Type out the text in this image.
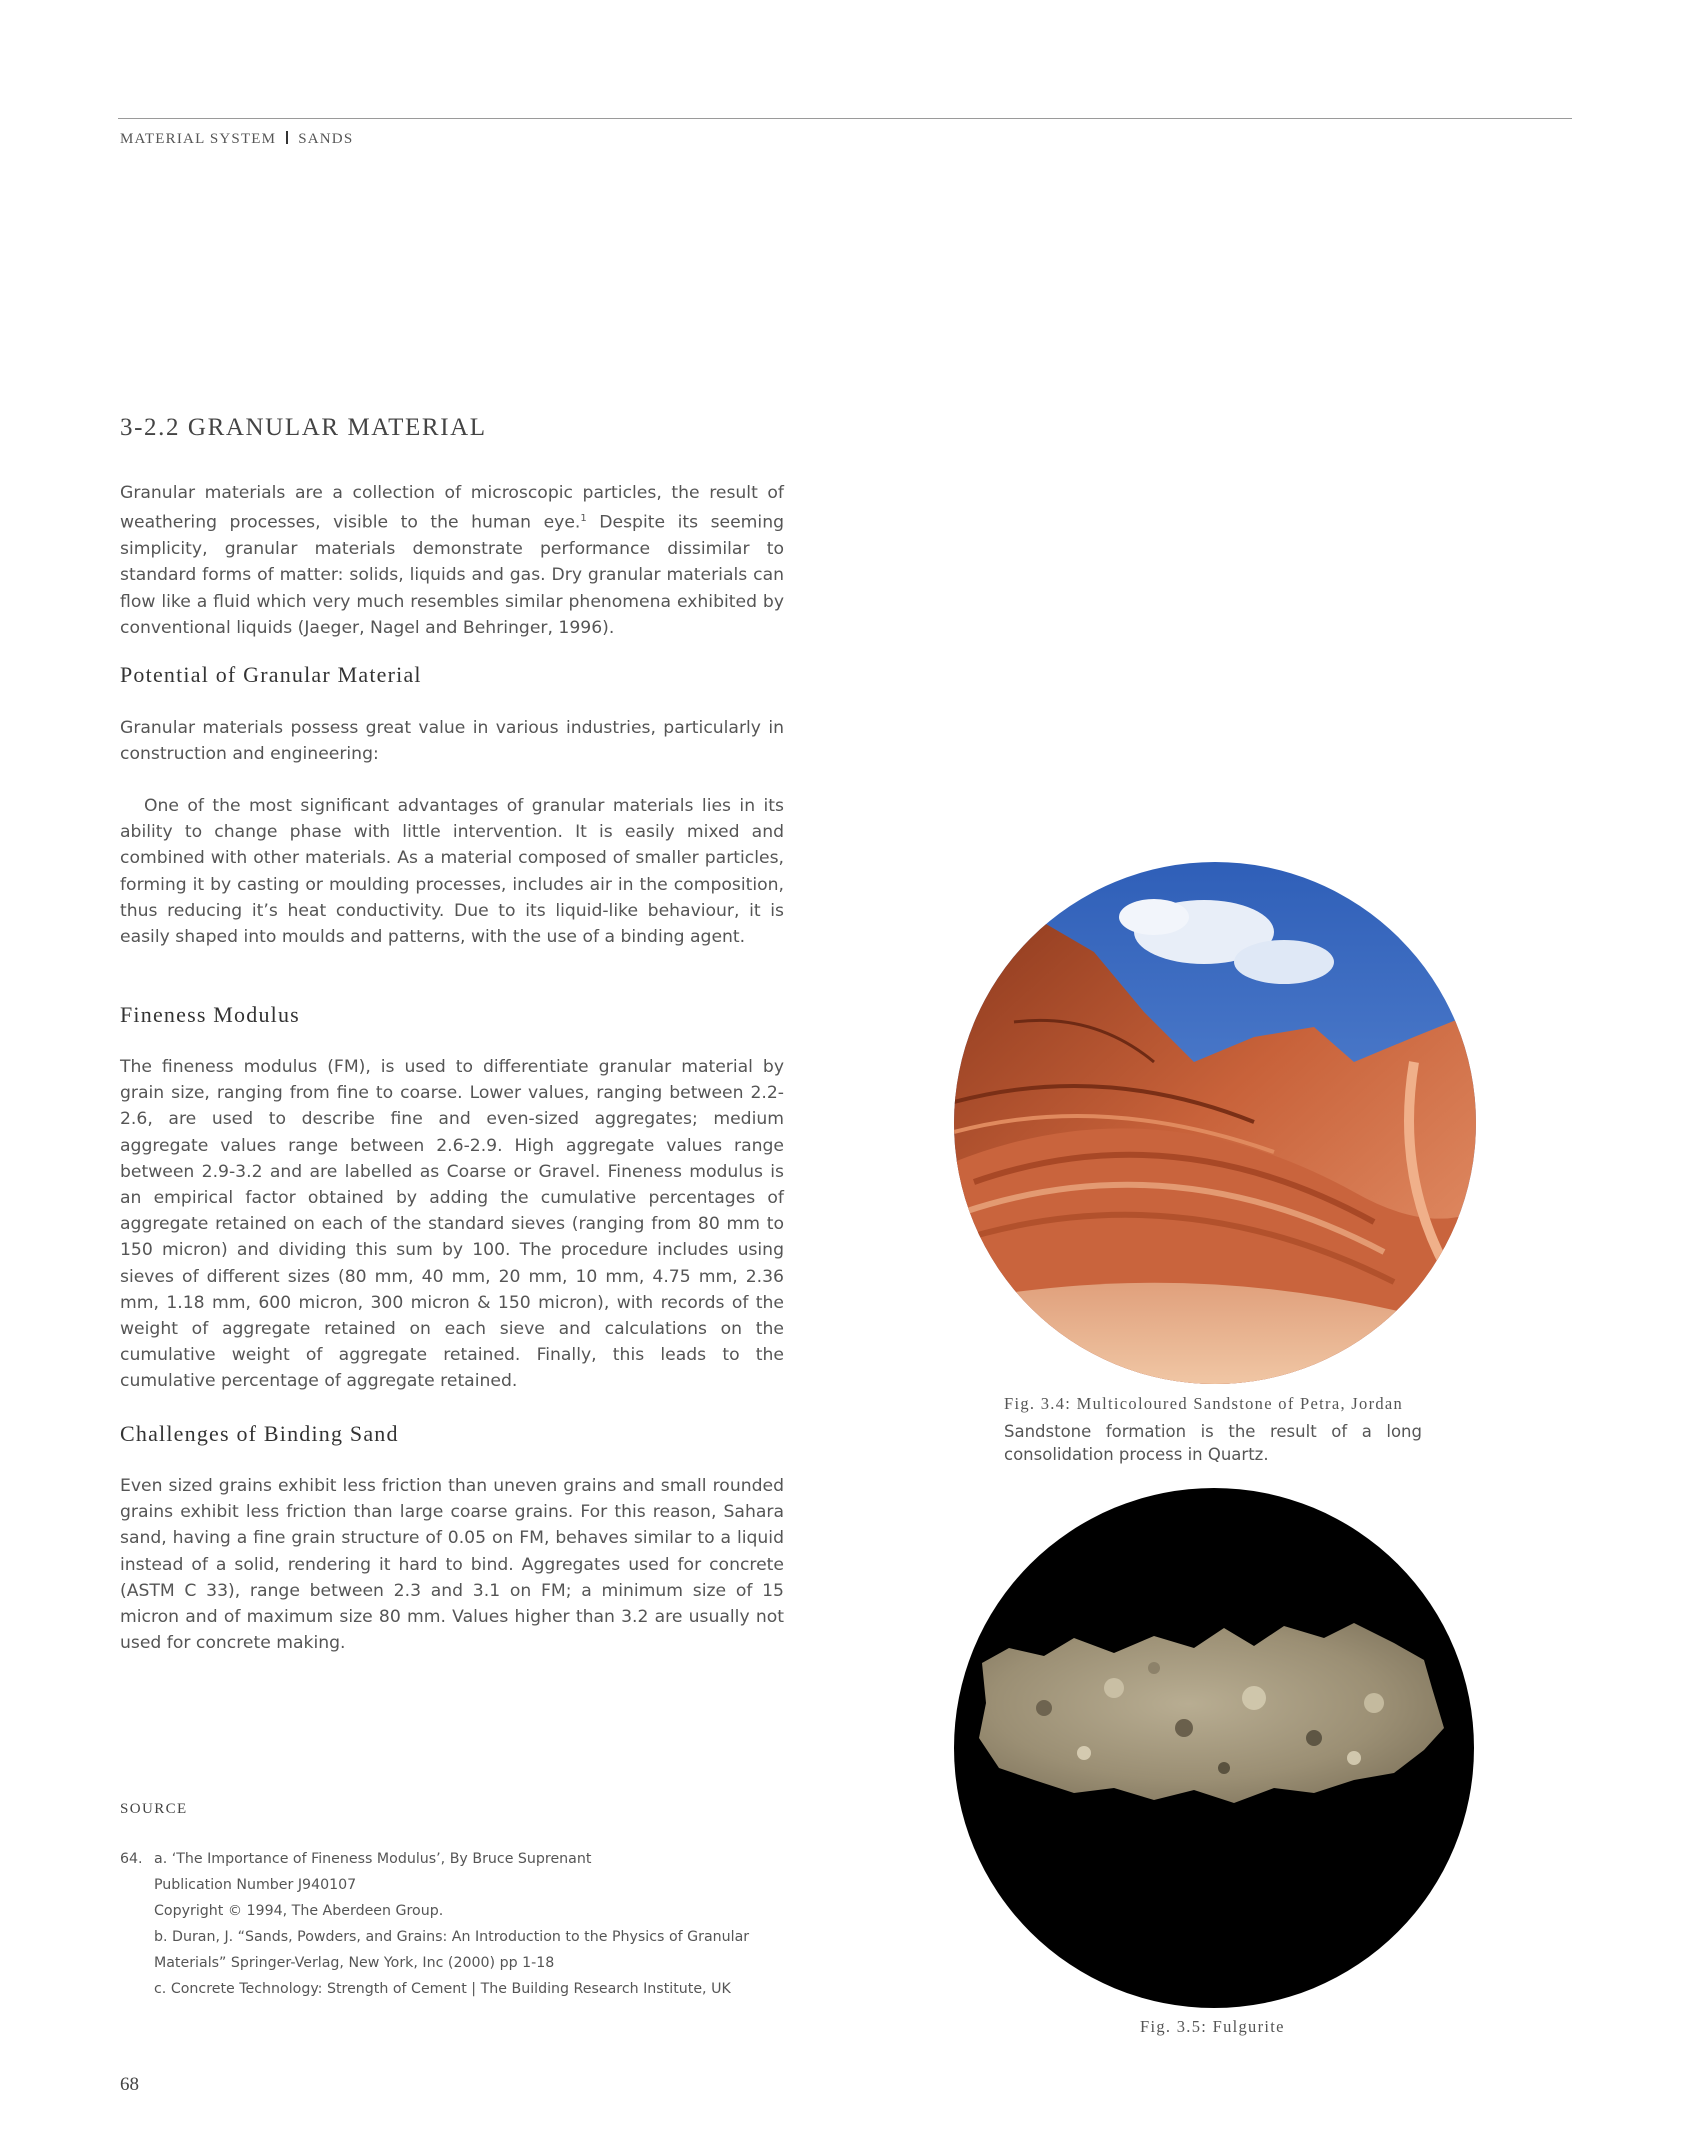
MATERIAL SYSTEM SANDS
3-2.2 GRANULAR MATERIAL

Granular materials are a collection of microscopic particles, the result of weathering processes, visible to the human eye.$^1$ Despite its seeming simplicity, granular materials demonstrate performance dissimilar to standard forms of matter: solids, liquids and gas. Dry granular materials can flow like a fluid which very much resembles similar phenomena exhibited by conventional liquids (Jaeger, Nagel and Behringer, 1996).

Potential of Granular Material

Granular materials possess great value in various industries, particularly in construction and engineering:

One of the most significant advantages of granular materials lies in its ability to change phase with little intervention. It is easily mixed and combined with other materials. As a material composed of smaller particles, forming it by casting or moulding processes, includes air in the composition, thus reducing it’s heat conductivity. Due to its liquid-like behaviour, it is easily shaped into moulds and patterns, with the use of a binding agent.

Fineness Modulus

The fineness modulus (FM), is used to differentiate granular material by grain size, ranging from fine to coarse. Lower values, ranging between 2.2-2.6, are used to describe fine and even-sized aggregates; medium aggregate values range between 2.6-2.9. High aggregate values range between 2.9-3.2 and are labelled as Coarse or Gravel. Fineness modulus is an empirical factor obtained by adding the cumulative percentages of aggregate retained on each of the standard sieves (ranging from 80 mm to 150 micron) and dividing this sum by 100. The procedure includes using sieves of different sizes (80 mm, 40 mm, 20 mm, 10 mm, 4.75 mm, 2.36 mm, 1.18 mm, 600 micron, 300 micron & 150 micron), with records of the weight of aggregate retained on each sieve and calculations on the cumulative weight of aggregate retained. Finally, this leads to the cumulative percentage of aggregate retained.

Challenges of Binding Sand

Even sized grains exhibit less friction than uneven grains and small rounded grains exhibit less friction than large coarse grains. For this reason, Sahara sand, having a fine grain structure of 0.05 on FM, behaves similar to a liquid instead of a solid, rendering it hard to bind. Aggregates used for concrete (ASTM C 33), range between 2.3 and 3.1 on FM; a minimum size of 15 micron and of maximum size 80 mm. Values higher than 3.2 are usually not used for concrete making.

SOURCE
64. a. ‘The Importance of Fineness Modulus’, By Bruce Suprenant
Publication Number J940107
Copyright © 1994, The Aberdeen Group.
b. Duran, J. “Sands, Powders, and Grains: An Introduction to the Physics of Granular
Materials” Springer-Verlag, New York, Inc (2000) pp 1-18
c. Concrete Technology: Strength of Cement | The Building Research Institute, UK
68
Fig. 3.4: Multicoloured Sandstone of Petra, Jordan
Sandstone formation is the result of a long consolidation process in Quartz.
Fig. 3.5: Fulgurite
